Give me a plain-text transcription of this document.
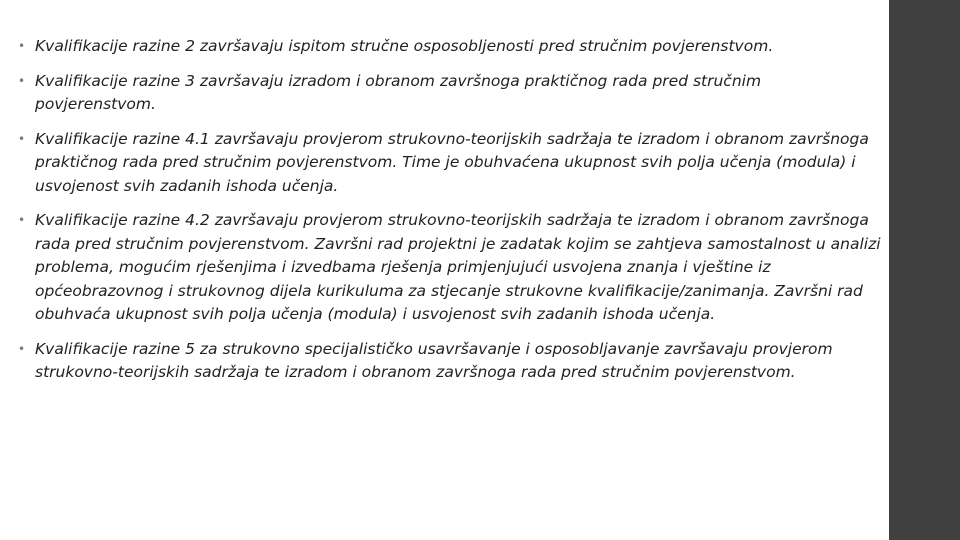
• Kvalifikacije razine 2 završavaju ispitom stručne osposobljenosti pred stručnim povjerenstvom.
• Kvalifikacije razine 3 završavaju izradom i obranom završnoga praktičnog rada pred stručnim povjerenstvom.
• Kvalifikacije razine 4.1 završavaju provjerom strukovno-teorijskih sadržaja te izradom i obranom završnoga praktičnog rada pred stručnim povjerenstvom. Time je obuhvaćena ukupnost svih polja učenja (modula) i usvojenost svih zadanih ishoda učenja.
• Kvalifikacije razine 4.2 završavaju provjerom strukovno-teorijskih sadržaja te izradom i obranom završnoga rada pred stručnim povjerenstvom. Završni rad projektni je zadatak kojim se zahtjeva samostalnost u analizi problema, mogućim rješenjima i izvedbama rješenja primjenjujući usvojena znanja i vještine iz općeobrazovnog i strukovnog dijela kurikuluma za stjecanje strukovne kvalifikacije/zanimanja. Završni rad obuhvaća ukupnost svih polja učenja (modula) i usvojenost svih zadanih ishoda učenja.
• Kvalifikacije razine 5 za strukovno specijalističko usavršavanje i osposobljavanje završavaju provjerom strukovno-teorijskih sadržaja te izradom i obranom završnoga rada pred stručnim povjerenstvom.
